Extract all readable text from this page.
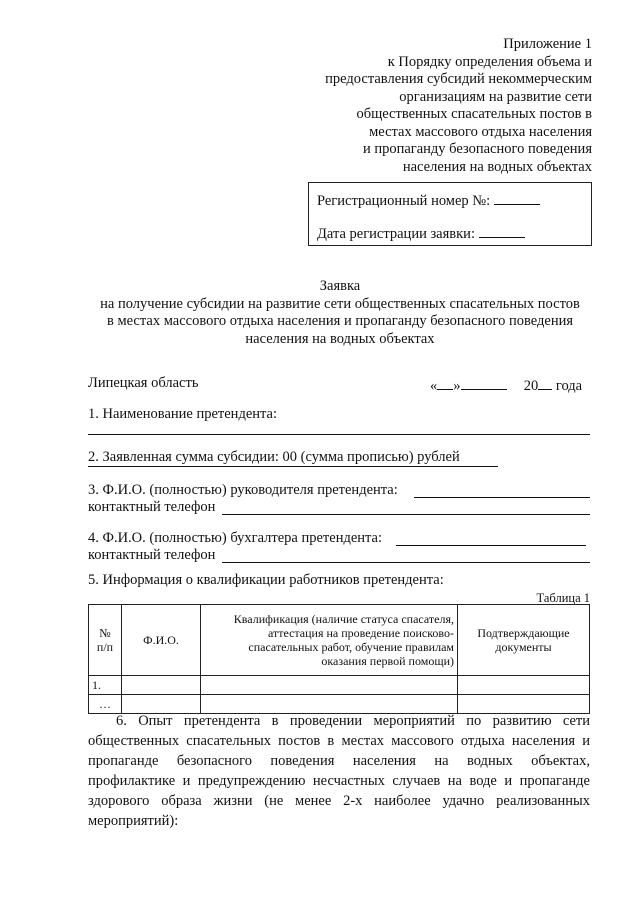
Приложение 1
к Порядку определения объема и
предоставления субсидий некоммерческим
организациям на развитие сети
общественных спасательных постов в
местах массового отдыха населения
и пропаганду безопасного поведения
населения на водных объектах
Регистрационный номер №:
Дата регистрации заявки:
Заявка
на получение субсидии на развитие сети общественных спасательных постов
в местах массового отдыха населения и пропаганду безопасного поведения
населения на водных объектах
Липецкая область	« »	20 года
1. Наименование претендента:
2. Заявленная сумма субсидии: 00 (сумма прописью) рублей
3. Ф.И.О. (полностью) руководителя претендента:
контактный телефон
4. Ф.И.О. (полностью) бухгалтера претендента:
контактный телефон
5. Информация о квалификации работников претендента:
Таблица 1
№
п/п	Ф.И.О.	Квалификация (наличие статуса спасателя, аттестация на проведение поисково-спасательных работ, обучение правилам оказания первой помощи)	Подтверждающие документы
1.			
…			
6. Опыт претендента в проведении мероприятий по развитию сети общественных спасательных постов в местах массового отдыха населения и пропаганде безопасного поведения населения на водных объектах, профилактике и предупреждению несчастных случаев на воде и пропаганде здорового образа жизни (не менее 2-х наиболее удачно реализованных мероприятий):
